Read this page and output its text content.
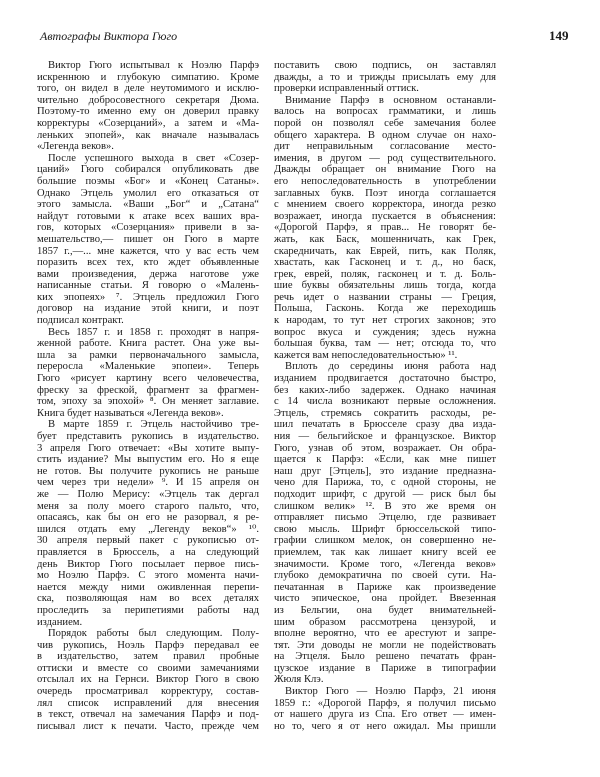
Автографы Виктора Гюго	149
Виктор Гюго испытывал к Ноэлю Парфэ
искреннюю и глубокую симпатию. Кроме
того, он видел в деле неутомимого и исклю-
чительно добросовестного секретаря Дюма.
Поэтому-то именно ему он доверил правку
корректуры «Созерцаний», а затем и «Ма-
леньких эпопей», как вначале называлась
«Легенда веков».
После успешного выхода в свет «Созер-
цаний» Гюго собирался опубликовать две
большие поэмы «Бог» и «Конец Сатаны».
Однако Этцель умолил его отказаться от
этого замысла. «Ваши „Бог“ и „Сатана“
найдут готовыми к атаке всех ваших вра-
гов, которых «Созерцания» привели в за-
мешательство,— пишет он Гюго в марте
1857 г.,—... мне кажется, что у вас есть чем
поразить всех тех, кто ждет объявленные
вами произведения, держа наготове уже
написанные статьи. Я говорю о «Малень-
ких эпопеях» ⁷. Этцель предложил Гюго
договор на издание этой книги, и поэт
подписал контракт.
Весь 1857 г. и 1858 г. проходят в напря-
женной работе. Книга растет. Она уже вы-
шла за рамки первоначального замысла,
переросла «Маленькие эпопеи». Теперь
Гюго «рисует картину всего человечества,
фреску за фреской, фрагмент за фрагмен-
том, эпоху за эпохой» ⁸. Он меняет заглавие.
Книга будет называться «Легенда веков».
В марте 1859 г. Этцель настойчиво тре-
бует представить рукопись в издательство.
3 апреля Гюго отвечает: «Вы хотите выпу-
стить издание? Мы выпустим его. Но я еще
не готов. Вы получите рукопись не раньше
чем через три недели» ⁹. И 15 апреля он
же — Полю Мерису: «Этцель так дергал
меня за полу моего старого пальто, что,
опасаясь, как бы он его не разорвал, я ре-
шился отдать ему „Легенду веков“» ¹⁰.
30 апреля первый пакет с рукописью от-
правляется в Брюссель, а на следующий
день Виктор Гюго посылает первое пись-
мо Ноэлю Парфэ. С этого момента начи-
нается между ними оживленная перепи-
ска, позволяющая нам во всех деталях
проследить за перипетиями работы над
изданием.
Порядок работы был следующим. Полу-
чив рукопись, Ноэль Парфэ передавал ее
в издательство, затем правил пробные
оттиски и вместе со своими замечаниями
отсылал их на Гернси. Виктор Гюго в свою
очередь просматривал корректуру, состав-
лял список исправлений для внесения
в текст, отвечал на замечания Парфэ и под-
писывал лист к печати. Часто, прежде чем
поставить свою подпись, он заставлял
дважды, а то и трижды присылать ему для
проверки исправленный оттиск.
Внимание Парфэ в основном останавли-
валось на вопросах грамматики, и лишь
порой он позволял себе замечания более
общего характера. В одном случае он нахо-
дит неправильным согласование место-
имения, в другом — род существительного.
Дважды обращает он внимание Гюго на
его непоследовательность в употреблении
заглавных букв. Поэт иногда соглашается
с мнением своего корректора, иногда резко
возражает, иногда пускается в объяснения:
«Дорогой Парфэ, я прав... Не говорят бе-
жать, как Баск, мошенничать, как Грек,
скаредничать, как Еврей, пить, как Поляк,
хвастать, как Гасконец и т. д., но баск,
грек, еврей, поляк, гасконец и т. д. Боль-
шие буквы обязательны лишь тогда, когда
речь идет о названии страны — Греция,
Польша, Гасконь. Когда же переходишь
к народам, то тут нет строгих законов; это
вопрос вкуса и суждения; здесь нужна
большая буква, там — нет; отсюда то, что
кажется вам непоследовательностью» ¹¹.
Вплоть до середины июня работа над
изданием продвигается достаточно быстро,
без каких-либо задержек. Однако начиная
с 14 числа возникают первые осложнения.
Этцель, стремясь сократить расходы, ре-
шил печатать в Брюсселе сразу два изда-
ния — бельгийское и французское. Виктор
Гюго, узнав об этом, возражает. Он обра-
щается к Парфэ: «Если, как мне пишет
наш друг [Этцель], это издание предназна-
чено для Парижа, то, с одной стороны, не
подходит шрифт, с другой — риск был бы
слишком велик» ¹². В это же время он
отправляет письмо Этцелю, где развивает
свою мысль. Шрифт брюссельской типо-
графии слишком мелок, он совершенно не-
приемлем, так как лишает книгу всей ее
значимости. Кроме того, «Легенда веков»
глубоко демократична по своей сути. На-
печатанная в Париже как произведение
чисто эпическое, она пройдет. Ввезенная
из Бельгии, она будет внимательней-
шим образом рассмотрена цензурой, и
вполне вероятно, что ее арестуют и запре-
тят. Эти доводы не могли не подействовать
на Этцеля. Было решено печатать фран-
цузское издание в Париже в типографии
Жюля Клэ.
Виктор Гюго — Ноэлю Парфэ, 21 июня
1859 г.: «Дорогой Парфэ, я получил письмо
от нашего друга из Спа. Его ответ — имен-
но то, чего я от него ожидал. Мы пришли
